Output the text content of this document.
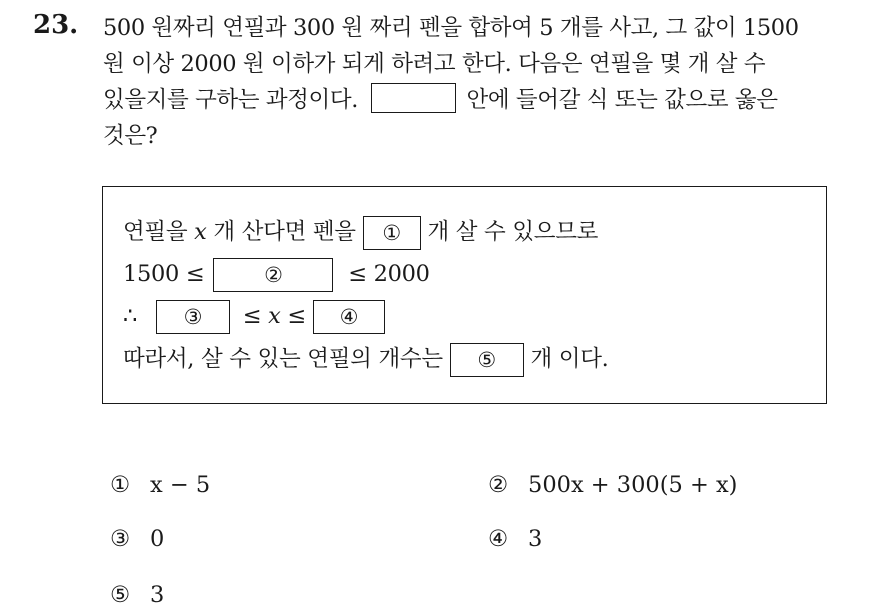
23. 500 원짜리 연필과 300 원 짜리 펜을 합하여 5 개를 사고, 그 값이 1500
원 이상 2000 원 이하가 되게 하려고 한다. 다음은 연필을 몇 개 살 수
있을지를 구하는 과정이다.	안에 들어갈 식 또는 값으로 옳은
것은?
연필을 x 개 산다면 펜을 ① 개 살 수 있으므로
1500 ≤	②	≤ 2000
∴ ③ ≤ x ≤ ④
따라서, 살 수 있는 연필의 개수는 ⑤ 개 이다.
① x − 5	② 500x + 300(5 + x)
③ 0	④ 3
⑤ 3
